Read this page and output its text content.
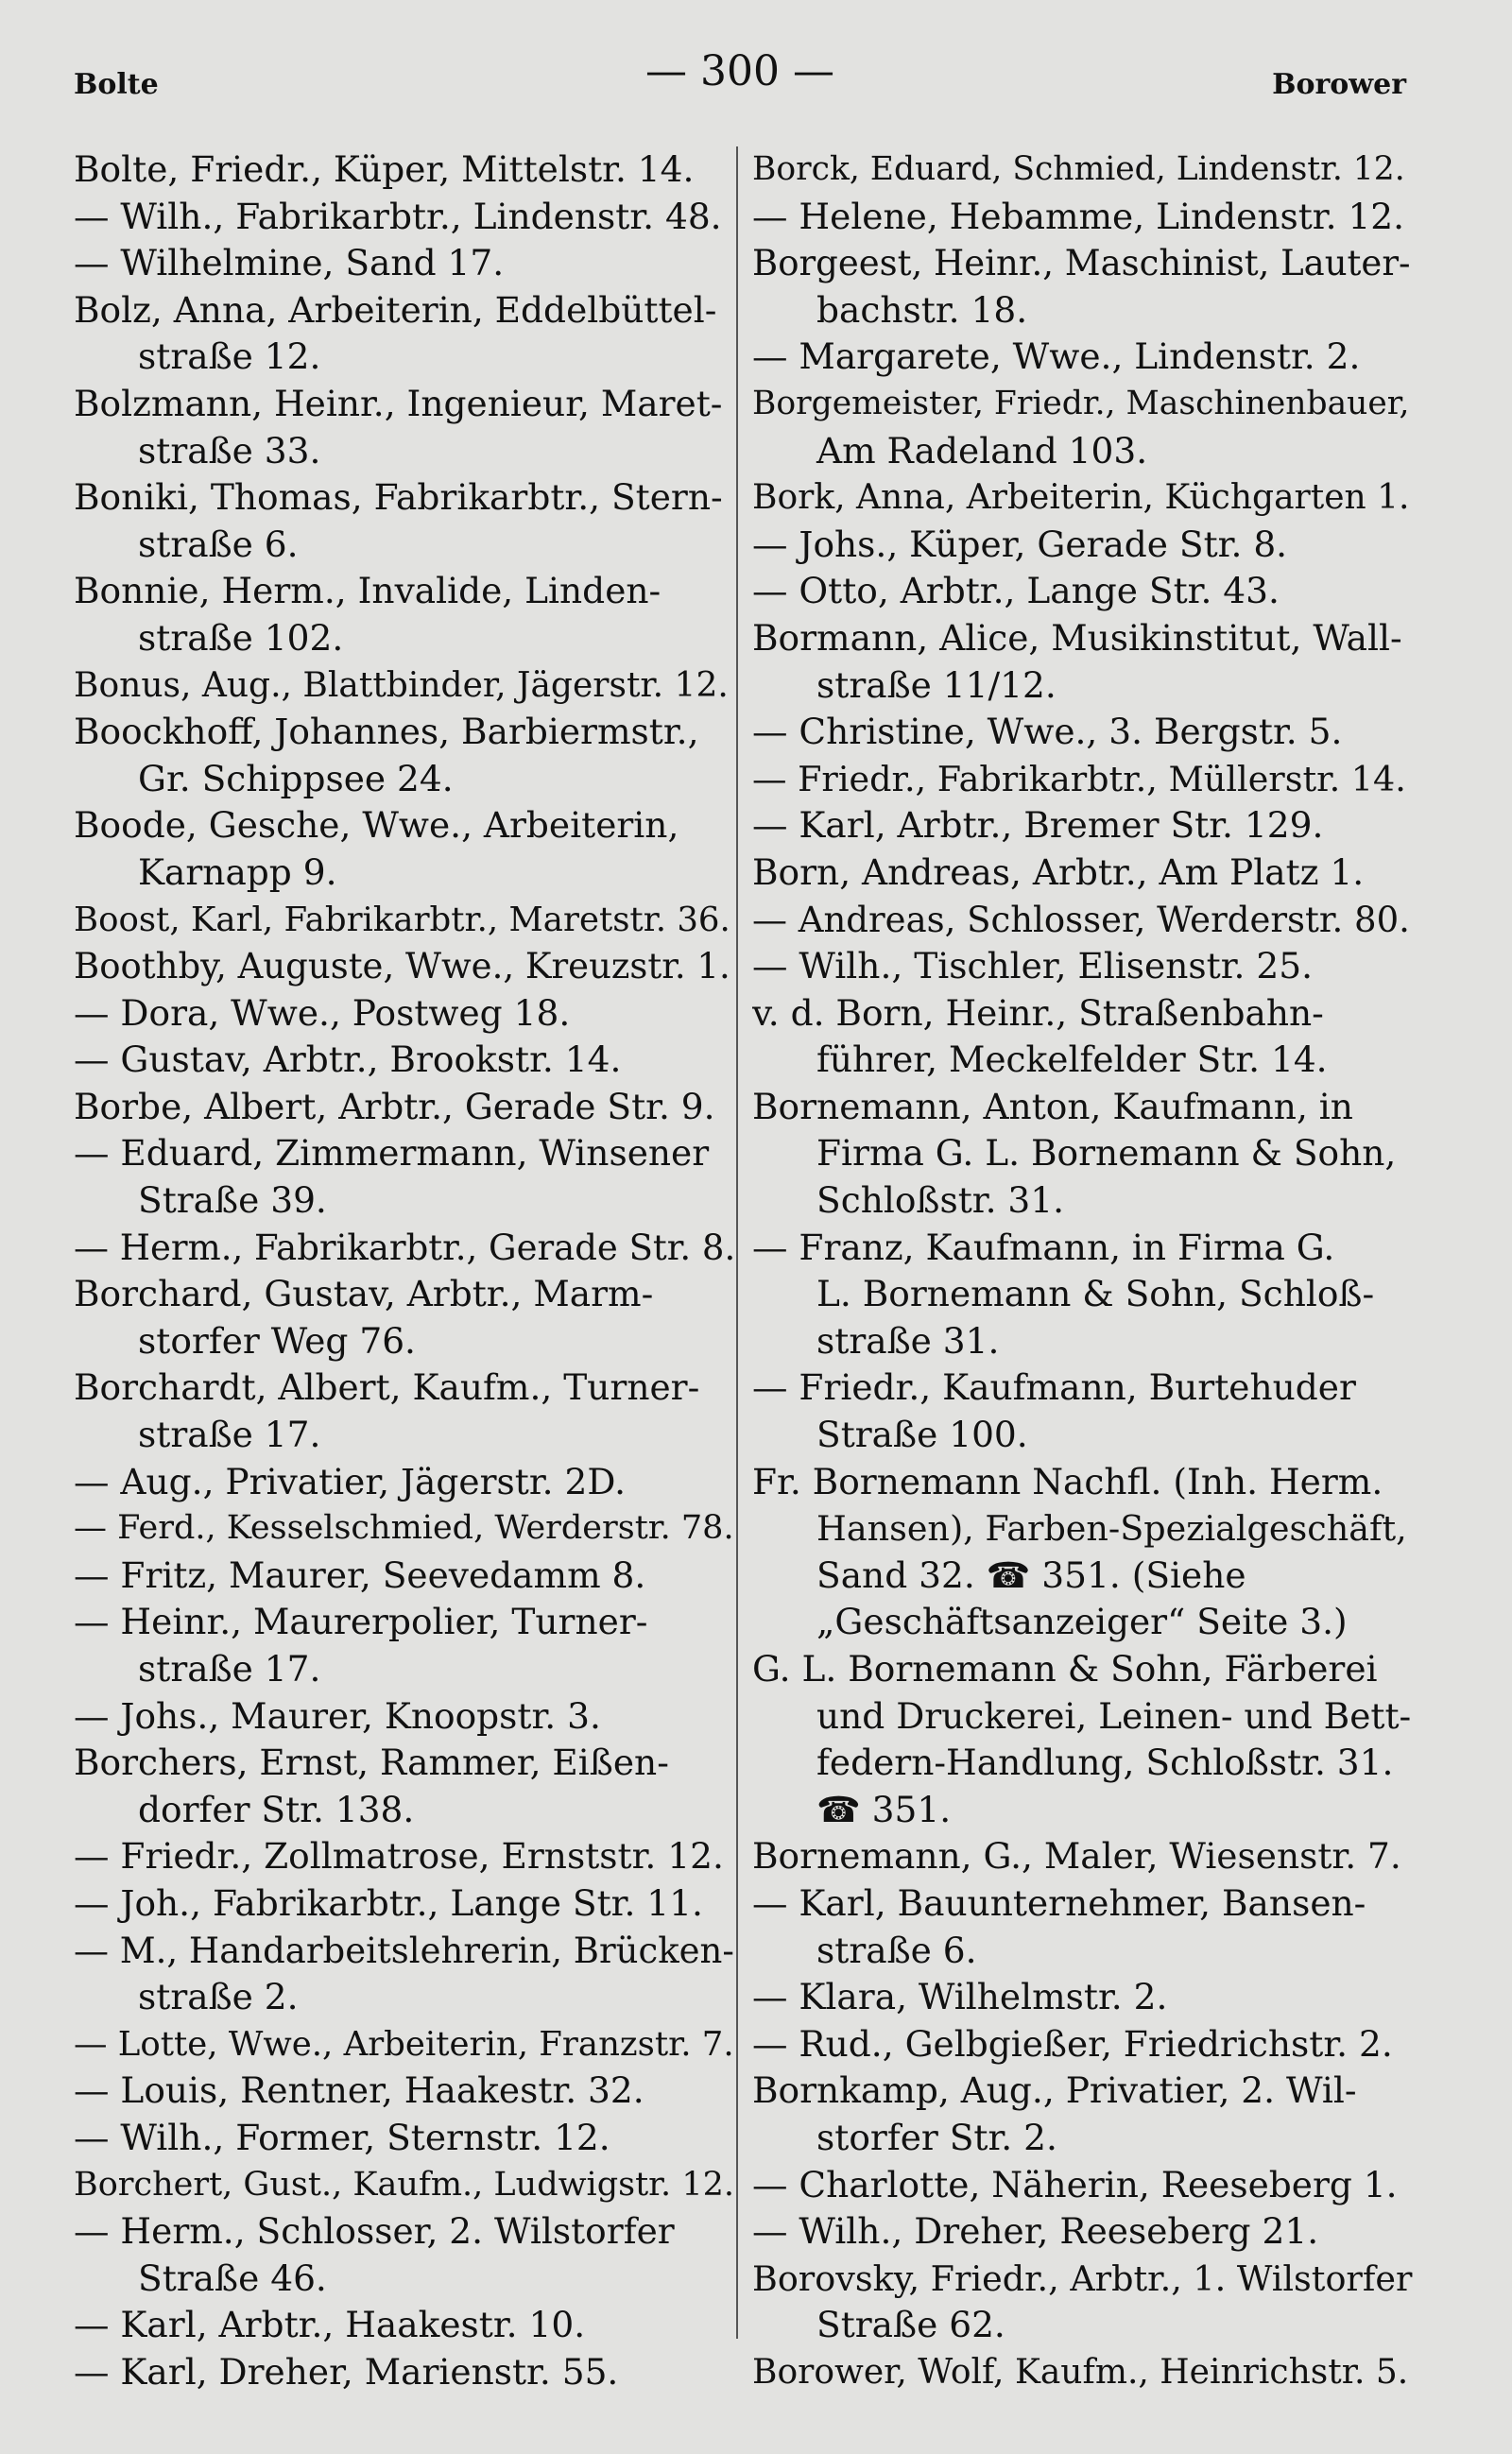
Bolte	— 300 —	Borower
Bolte, Friedr., Küper, Mittelstr. 14.
— Wilh., Fabrikarbtr., Lindenstr. 48.
— Wilhelmine, Sand 17.
Bolz, Anna, Arbeiterin, Eddelbüttel-
straße 12.
Bolzmann, Heinr., Ingenieur, Maret-
straße 33.
Boniki, Thomas, Fabrikarbtr., Stern-
straße 6.
Bonnie, Herm., Invalide, Linden-
straße 102.
Bonus, Aug., Blattbinder, Jägerstr. 12.
Boockhoff, Johannes, Barbiermstr.,
Gr. Schippsee 24.
Boode, Gesche, Wwe., Arbeiterin,
Karnapp 9.
Boost, Karl, Fabrikarbtr., Maretstr. 36.
Boothby, Auguste, Wwe., Kreuzstr. 1.
— Dora, Wwe., Postweg 18.
— Gustav, Arbtr., Brookstr. 14.
Borbe, Albert, Arbtr., Gerade Str. 9.
— Eduard, Zimmermann, Winsener
Straße 39.
— Herm., Fabrikarbtr., Gerade Str. 8.
Borchard, Gustav, Arbtr., Marm-
storfer Weg 76.
Borchardt, Albert, Kaufm., Turner-
straße 17.
— Aug., Privatier, Jägerstr. 2D.
— Ferd., Kesselschmied, Werderstr. 78.
— Fritz, Maurer, Seevedamm 8.
— Heinr., Maurerpolier, Turner-
straße 17.
— Johs., Maurer, Knoopstr. 3.
Borchers, Ernst, Rammer, Eißen-
dorfer Str. 138.
— Friedr., Zollmatrose, Ernststr. 12.
— Joh., Fabrikarbtr., Lange Str. 11.
— M., Handarbeitslehrerin, Brücken-
straße 2.
— Lotte, Wwe., Arbeiterin, Franzstr. 7.
— Louis, Rentner, Haakestr. 32.
— Wilh., Former, Sternstr. 12.
Borchert, Gust., Kaufm., Ludwigstr. 12.
— Herm., Schlosser, 2. Wilstorfer
Straße 46.
— Karl, Arbtr., Haakestr. 10.
— Karl, Dreher, Marienstr. 55.
Borck, Eduard, Schmied, Lindenstr. 12.
— Helene, Hebamme, Lindenstr. 12.
Borgeest, Heinr., Maschinist, Lauter-
bachstr. 18.
— Margarete, Wwe., Lindenstr. 2.
Borgemeister, Friedr., Maschinenbauer,
Am Radeland 103.
Bork, Anna, Arbeiterin, Küchgarten 1.
— Johs., Küper, Gerade Str. 8.
— Otto, Arbtr., Lange Str. 43.
Bormann, Alice, Musikinstitut, Wall-
straße 11/12.
— Christine, Wwe., 3. Bergstr. 5.
— Friedr., Fabrikarbtr., Müllerstr. 14.
— Karl, Arbtr., Bremer Str. 129.
Born, Andreas, Arbtr., Am Platz 1.
— Andreas, Schlosser, Werderstr. 80.
— Wilh., Tischler, Elisenstr. 25.
v. d. Born, Heinr., Straßenbahn-
führer, Meckelfelder Str. 14.
Bornemann, Anton, Kaufmann, in
Firma G. L. Bornemann & Sohn,
Schloßstr. 31.
— Franz, Kaufmann, in Firma G.
L. Bornemann & Sohn, Schloß-
straße 31.
— Friedr., Kaufmann, Burtehuder
Straße 100.
Fr. Bornemann Nachfl. (Inh. Herm.
Hansen), Farben-Spezialgeschäft,
Sand 32. ☎ 351. (Siehe
„Geschäftsanzeiger“ Seite 3.)
G. L. Bornemann & Sohn, Färberei
und Druckerei, Leinen- und Bett-
federn-Handlung, Schloßstr. 31.
☎ 351.
Bornemann, G., Maler, Wiesenstr. 7.
— Karl, Bauunternehmer, Bansen-
straße 6.
— Klara, Wilhelmstr. 2.
— Rud., Gelbgießer, Friedrichstr. 2.
Bornkamp, Aug., Privatier, 2. Wil-
storfer Str. 2.
— Charlotte, Näherin, Reeseberg 1.
— Wilh., Dreher, Reeseberg 21.
Borovsky, Friedr., Arbtr., 1. Wilstorfer
Straße 62.
Borower, Wolf, Kaufm., Heinrichstr. 5.
